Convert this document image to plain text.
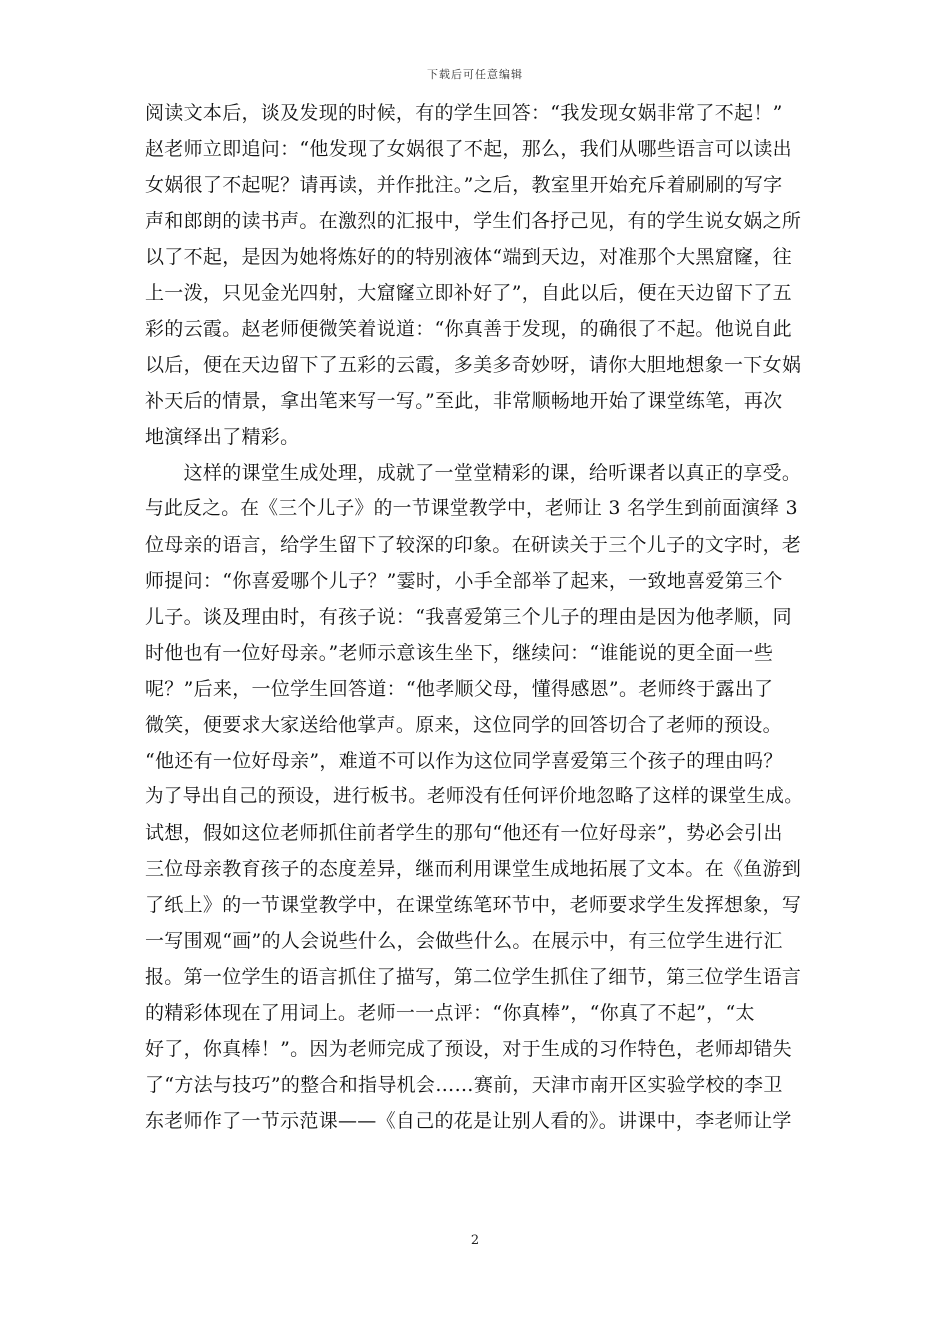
下载后可任意编辑
阅读文本后，谈及发现的时候，有的学生回答：“我发现女娲非常了不起！”
赵老师立即追问：“他发现了女娲很了不起，那么，我们从哪些语言可以读出
女娲很了不起呢？请再读，并作批注。”之后，教室里开始充斥着刷刷的写字
声和郎朗的读书声。在激烈的汇报中，学生们各抒己见，有的学生说女娲之所
以了不起，是因为她将炼好的的特别液体“端到天边，对准那个大黑窟窿，往
上一泼，只见金光四射，大窟窿立即补好了”，自此以后，便在天边留下了五
彩的云霞。赵老师便微笑着说道：“你真善于发现，的确很了不起。他说自此
以后，便在天边留下了五彩的云霞，多美多奇妙呀，请你大胆地想象一下女娲
补天后的情景，拿出笔来写一写。”至此，非常顺畅地开始了课堂练笔，再次
地演绎出了精彩。
　　这样的课堂生成处理，成就了一堂堂精彩的课，给听课者以真正的享受。
与此反之。在《三个儿子》的一节课堂教学中，老师让 3 名学生到前面演绎 3
位母亲的语言，给学生留下了较深的印象。在研读关于三个儿子的文字时，老
师提问：“你喜爱哪个儿子？”霎时，小手全部举了起来，一致地喜爱第三个
儿子。谈及理由时，有孩子说：“我喜爱第三个儿子的理由是因为他孝顺，同
时他也有一位好母亲。”老师示意该生坐下，继续问：“谁能说的更全面一些
呢？”后来，一位学生回答道：“他孝顺父母，懂得感恩”。老师终于露出了
微笑，便要求大家送给他掌声。原来，这位同学的回答切合了老师的预设。
“他还有一位好母亲”，难道不可以作为这位同学喜爱第三个孩子的理由吗？
为了导出自己的预设，进行板书。老师没有任何评价地忽略了这样的课堂生成。
试想，假如这位老师抓住前者学生的那句“他还有一位好母亲”，势必会引出
三位母亲教育孩子的态度差异，继而利用课堂生成地拓展了文本。在《鱼游到
了纸上》的一节课堂教学中，在课堂练笔环节中，老师要求学生发挥想象，写
一写围观“画”的人会说些什么，会做些什么。在展示中，有三位学生进行汇
报。第一位学生的语言抓住了描写，第二位学生抓住了细节，第三位学生语言
的精彩体现在了用词上。老师一一点评：“你真棒”，“你真了不起”，“太
好了，你真棒！”。因为老师完成了预设，对于生成的习作特色，老师却错失
了“方法与技巧”的整合和指导机会……赛前，天津市南开区实验学校的李卫
东老师作了一节示范课——《自己的花是让别人看的》。讲课中，李老师让学
2
